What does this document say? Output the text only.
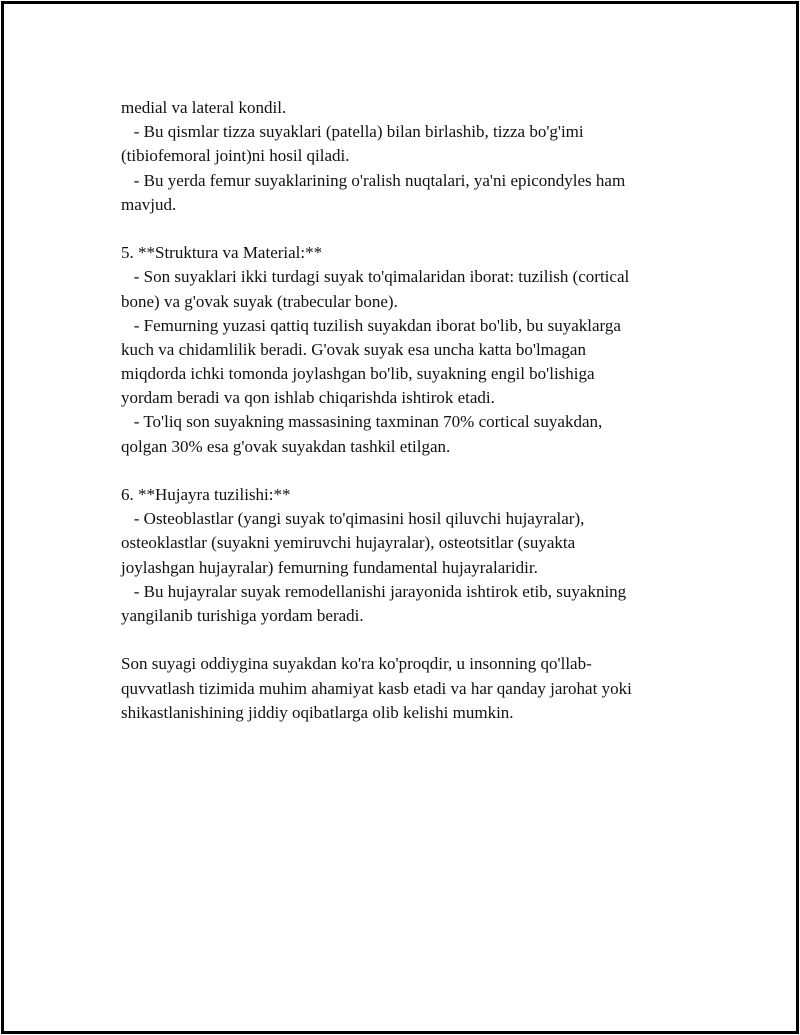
medial va lateral kondil.
- Bu qismlar tizza suyaklari (patella) bilan birlashib, tizza bo'g'imi
(tibiofemoral joint)ni hosil qiladi.
- Bu yerda femur suyaklarining o'ralish nuqtalari, ya'ni epicondyles ham
mavjud.
5. **Struktura va Material:**
- Son suyaklari ikki turdagi suyak to'qimalaridan iborat: tuzilish (cortical
bone) va g'ovak suyak (trabecular bone).
- Femurning yuzasi qattiq tuzilish suyakdan iborat bo'lib, bu suyaklarga
kuch va chidamlilik beradi. G'ovak suyak esa uncha katta bo'lmagan
miqdorda ichki tomonda joylashgan bo'lib, suyakning engil bo'lishiga
yordam beradi va qon ishlab chiqarishda ishtirok etadi.
- To'liq son suyakning massasining taxminan 70% cortical suyakdan,
qolgan 30% esa g'ovak suyakdan tashkil etilgan.
6. **Hujayra tuzilishi:**
- Osteoblastlar (yangi suyak to'qimasini hosil qiluvchi hujayralar),
osteoklastlar (suyakni yemiruvchi hujayralar), osteotsitlar (suyakta
joylashgan hujayralar) femurning fundamental hujayralaridir.
- Bu hujayralar suyak remodellanishi jarayonida ishtirok etib, suyakning
yangilanib turishiga yordam beradi.
Son suyagi oddiygina suyakdan ko'ra ko'proqdir, u insonning qo'llab-
quvvatlash tizimida muhim ahamiyat kasb etadi va har qanday jarohat yoki
shikastlanishining jiddiy oqibatlarga olib kelishi mumkin.
